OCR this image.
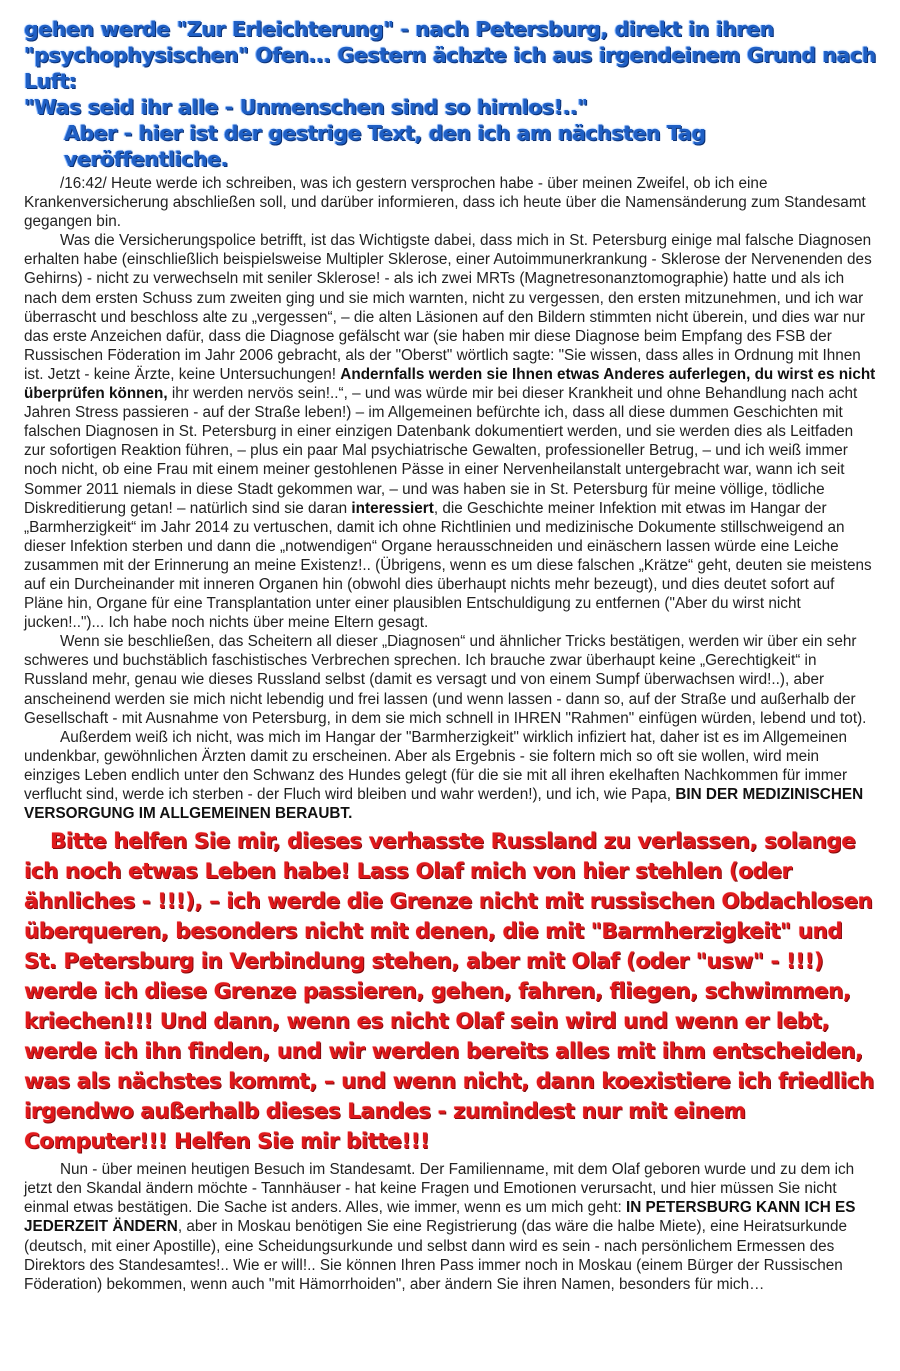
gehen werde "Zur Erleichterung" - nach Petersburg, direkt in ihren

"psychophysischen" Ofen... Gestern ächzte ich aus irgendeinem Grund nach Luft:

"Was seid ihr alle - Unmenschen sind so hirnlos!.."

Aber - hier ist der gestrige Text, den ich am nächsten Tag veröffentliche.

/16:42/ Heute werde ich schreiben, was ich gestern versprochen habe - über meinen Zweifel, ob ich eine Krankenversicherung abschließen soll, und darüber informieren, dass ich heute über die Namensänderung zum Standesamt gegangen bin.

Was die Versicherungspolice betrifft, ist das Wichtigste dabei, dass mich in St. Petersburg einige mal falsche Diagnosen erhalten habe (einschließlich beispielsweise Multipler Sklerose, einer Autoimmunerkrankung - Sklerose der Nervenenden des Gehirns) - nicht zu verwechseln mit seniler Sklerose! - als ich zwei MRTs (Magnetresonanztomographie) hatte und als ich nach dem ersten Schuss zum zweiten ging und sie mich warnten, nicht zu vergessen, den ersten mitzunehmen, und ich war überrascht und beschloss alte zu „vergessen“, – die alten Läsionen auf den Bildern stimmten nicht überein, und dies war nur das erste Anzeichen dafür, dass die Diagnose gefälscht war (sie haben mir diese Diagnose beim Empfang des FSB der Russischen Föderation im Jahr 2006 gebracht, als der "Oberst" wörtlich sagte: "Sie wissen, dass alles in Ordnung mit Ihnen ist. Jetzt - keine Ärzte, keine Untersuchungen! Andernfalls werden sie Ihnen etwas Anderes auferlegen, du wirst es nicht überprüfen können, ihr werden nervös sein!..“, – und was würde mir bei dieser Krankheit und ohne Behandlung nach acht Jahren Stress passieren - auf der Straße leben!) – im Allgemeinen befürchte ich, dass all diese dummen Geschichten mit falschen Diagnosen in St. Petersburg in einer einzigen Datenbank dokumentiert werden, und sie werden dies als Leitfaden zur sofortigen Reaktion führen, – plus ein paar Mal psychiatrische Gewalten, professioneller Betrug, – und ich weiß immer noch nicht, ob eine Frau mit einem meiner gestohlenen Pässe in einer Nervenheilanstalt untergebracht war, wann ich seit Sommer 2011 niemals in diese Stadt gekommen war, – und was haben sie in St. Petersburg für meine völlige, tödliche Diskreditierung getan! – natürlich sind sie daran interessiert, die Geschichte meiner Infektion mit etwas im Hangar der „Barmherzigkeit“ im Jahr 2014 zu vertuschen, damit ich ohne Richtlinien und medizinische Dokumente stillschweigend an dieser Infektion sterben und dann die „notwendigen“ Organe herausschneiden und einäschern lassen würde eine Leiche zusammen mit der Erinnerung an meine Existenz!.. (Übrigens, wenn es um diese falschen „Krätze“ geht, deuten sie meistens auf ein Durcheinander mit inneren Organen hin (obwohl dies überhaupt nichts mehr bezeugt), und dies deutet sofort auf Pläne hin, Organe für eine Transplantation unter einer plausiblen Entschuldigung zu entfernen ("Aber du wirst nicht jucken!..")... Ich habe noch nichts über meine Eltern gesagt.

Wenn sie beschließen, das Scheitern all dieser „Diagnosen“ und ähnlicher Tricks bestätigen, werden wir über ein sehr schweres und buchstäblich faschistisches Verbrechen sprechen. Ich brauche zwar überhaupt keine „Gerechtigkeit“ in Russland mehr, genau wie dieses Russland selbst (damit es versagt und von einem Sumpf überwachsen wird!..), aber anscheinend werden sie mich nicht lebendig und frei lassen (und wenn lassen - dann so, auf der Straße und außerhalb der Gesellschaft - mit Ausnahme von Petersburg, in dem sie mich schnell in IHREN "Rahmen" einfügen würden, lebend und tot).

Außerdem weiß ich nicht, was mich im Hangar der "Barmherzigkeit" wirklich infiziert hat, daher ist es im Allgemeinen undenkbar, gewöhnlichen Ärzten damit zu erscheinen. Aber als Ergebnis - sie foltern mich so oft sie wollen, wird mein einziges Leben endlich unter den Schwanz des Hundes gelegt (für die sie mit all ihren ekelhaften Nachkommen für immer verflucht sind, werde ich sterben - der Fluch wird bleiben und wahr werden!), und ich, wie Papa, BIN DER MEDIZINISCHEN VERSORGUNG IM ALLGEMEINEN BERAUBT.

Bitte helfen Sie mir, dieses verhasste Russland zu verlassen, solange ich noch etwas Leben habe! Lass Olaf mich von hier stehlen (oder ähnliches - !!!), – ich werde die Grenze nicht mit russischen Obdachlosen überqueren, besonders nicht mit denen, die mit "Barmherzigkeit" und St. Petersburg in Verbindung stehen, aber mit Olaf (oder "usw" - !!!) werde ich diese Grenze passieren, gehen, fahren, fliegen, schwimmen, kriechen!!! Und dann, wenn es nicht Olaf sein wird und wenn er lebt, werde ich ihn finden, und wir werden bereits alles mit ihm entscheiden, was als nächstes kommt, – und wenn nicht, dann koexistiere ich friedlich irgendwo außerhalb dieses Landes - zumindest nur mit einem Computer!!! Helfen Sie mir bitte!!!

Nun - über meinen heutigen Besuch im Standesamt. Der Familienname, mit dem Olaf geboren wurde und zu dem ich jetzt den Skandal ändern möchte - Tannhäuser - hat keine Fragen und Emotionen verursacht, und hier müssen Sie nicht einmal etwas bestätigen. Die Sache ist anders. Alles, wie immer, wenn es um mich geht: IN PETERSBURG KANN ICH ES JEDERZEIT ÄNDERN, aber in Moskau benötigen Sie eine Registrierung (das wäre die halbe Miete), eine Heiratsurkunde (deutsch, mit einer Apostille), eine Scheidungsurkunde und selbst dann wird es sein - nach persönlichem Ermessen des Direktors des Standesamtes!.. Wie er will!.. Sie können Ihren Pass immer noch in Moskau (einem Bürger der Russischen Föderation) bekommen, wenn auch "mit Hämorrhoiden", aber ändern Sie ihren Namen, besonders für mich…
